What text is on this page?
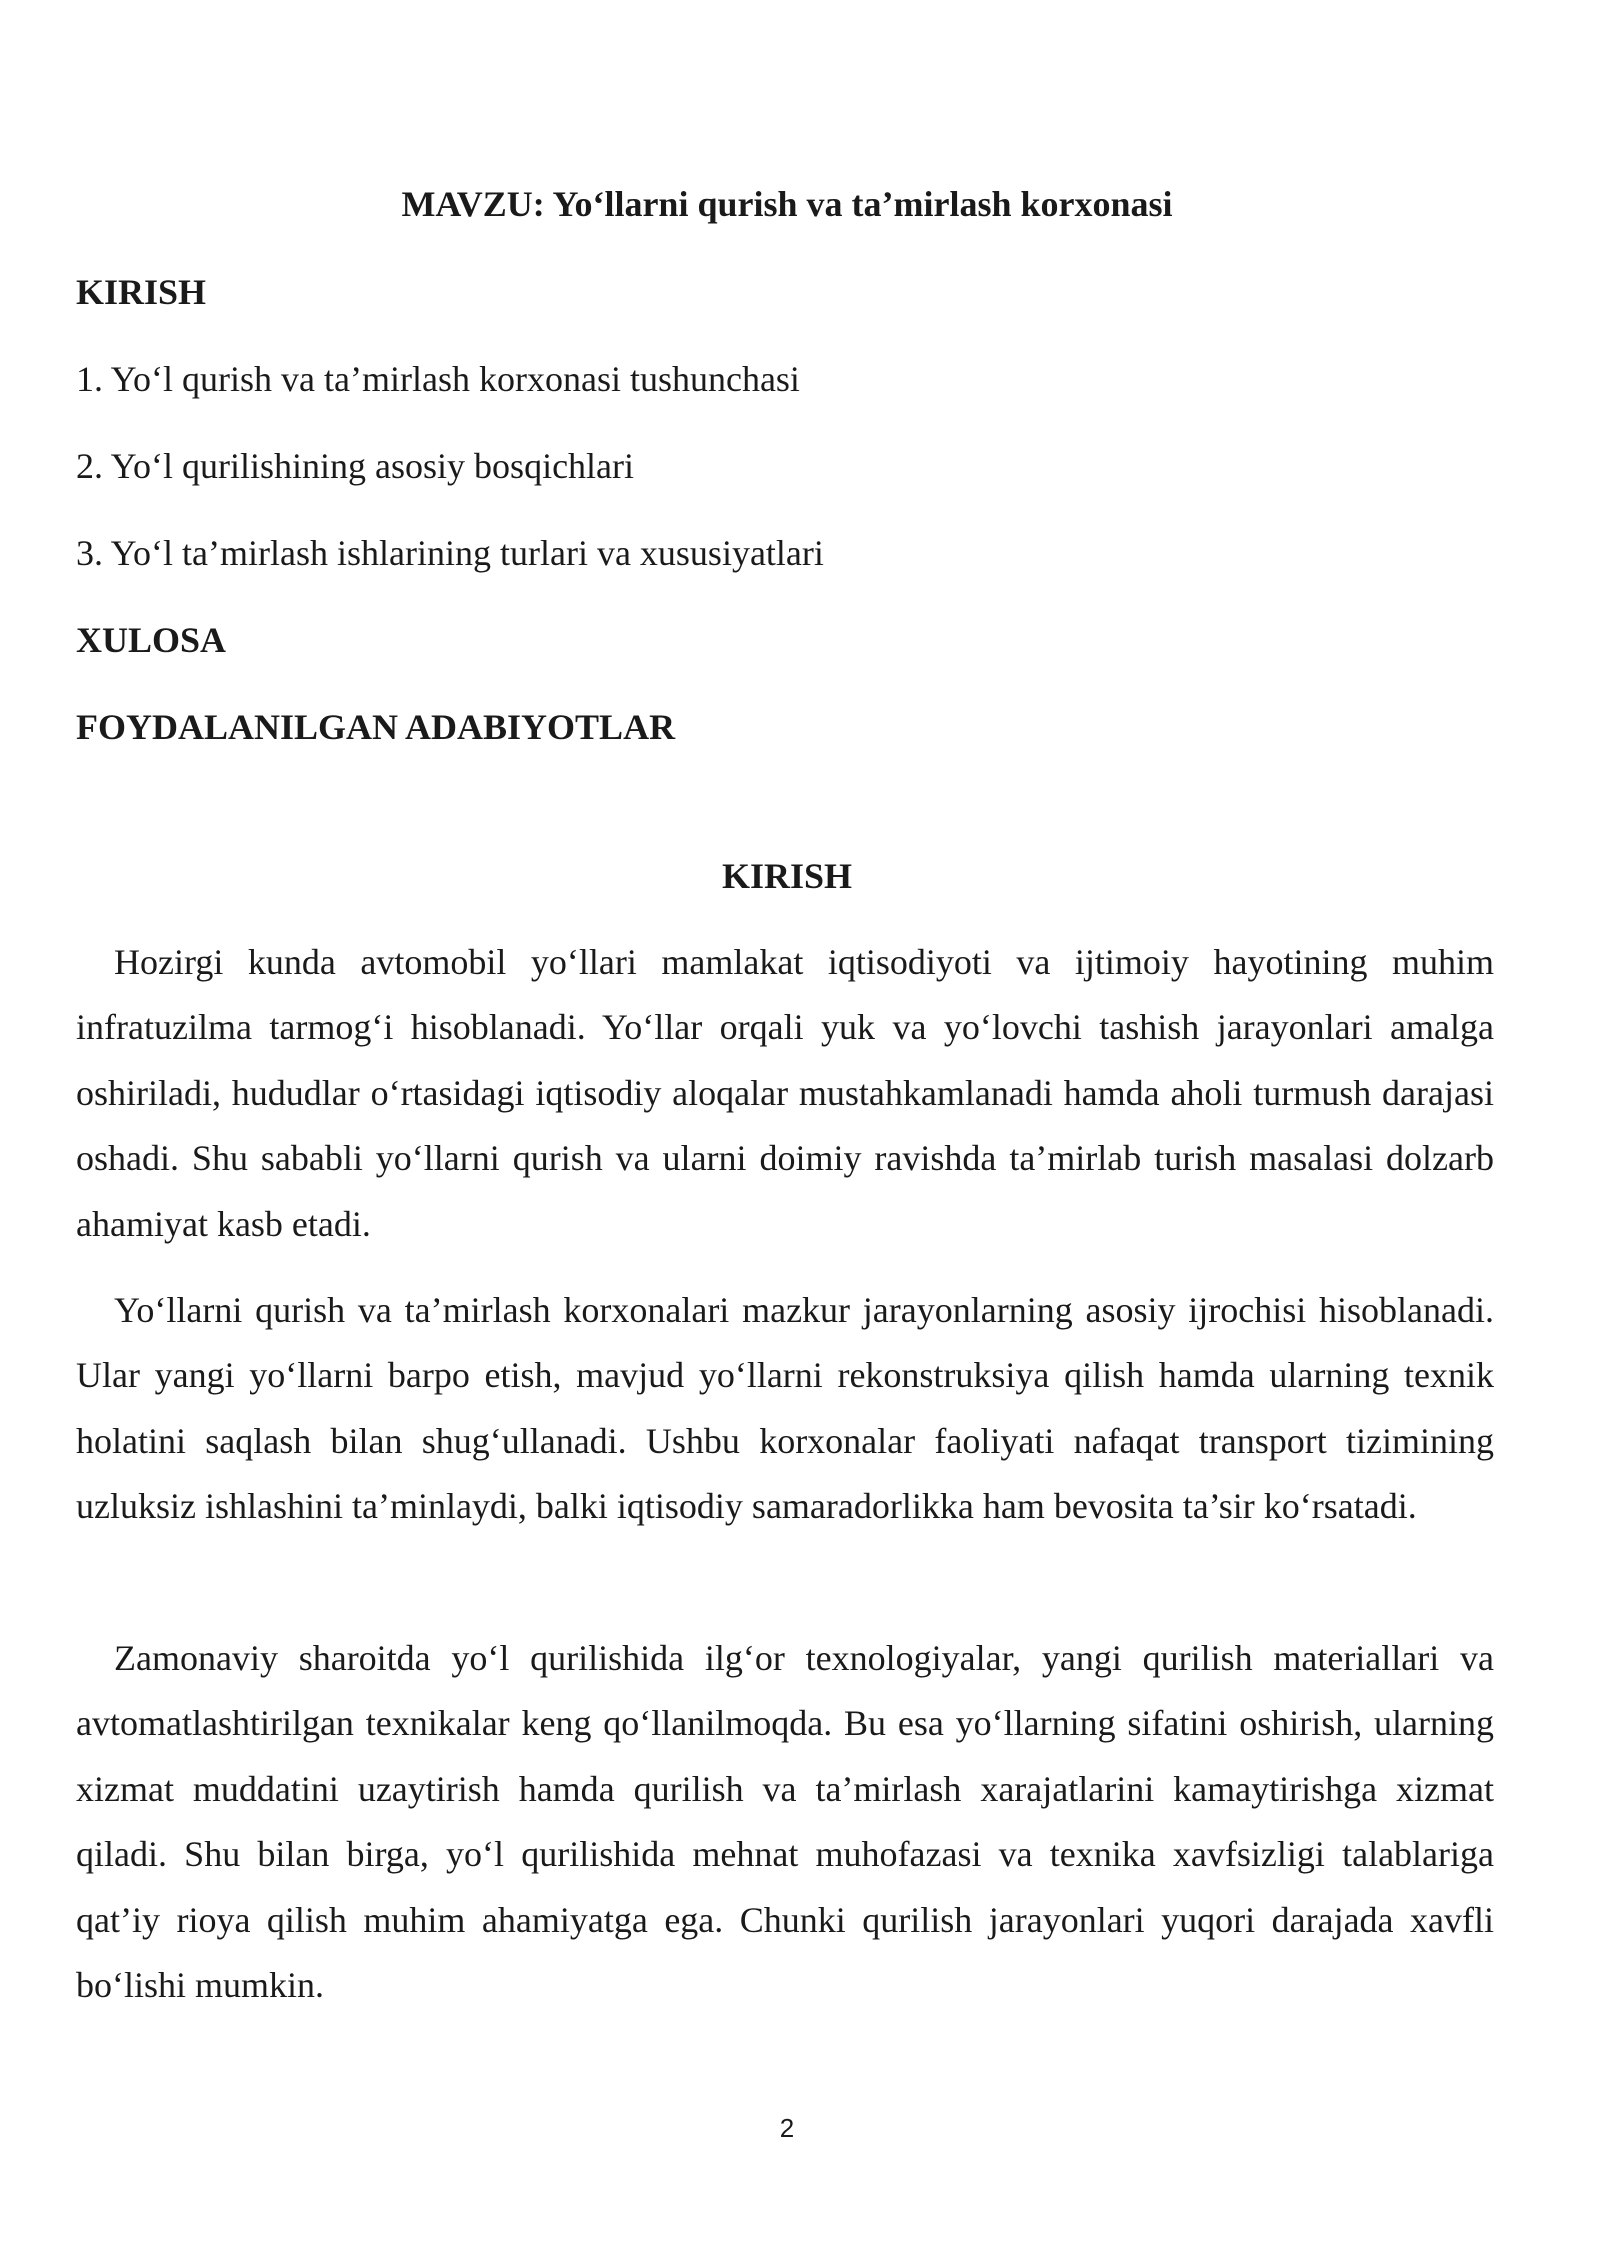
MAVZU: Yo‘llarni qurish va ta’mirlash korxonasi

KIRISH

1. Yo‘l qurish va ta’mirlash korxonasi tushunchasi

2. Yo‘l qurilishining asosiy bosqichlari

3. Yo‘l ta’mirlash ishlarining turlari va xususiyatlari

XULOSA

FOYDALANILGAN ADABIYOTLAR

KIRISH

Hozirgi kunda avtomobil yo‘llari mamlakat iqtisodiyoti va ijtimoiy hayotining muhim infratuzilma tarmog‘i hisoblanadi. Yo‘llar orqali yuk va yo‘lovchi tashish jarayonlari amalga oshiriladi, hududlar o‘rtasidagi iqtisodiy aloqalar mustahkamlanadi hamda aholi turmush darajasi oshadi. Shu sababli yo‘llarni qurish va ularni doimiy ravishda ta’mirlab turish masalasi dolzarb ahamiyat kasb etadi.

Yo‘llarni qurish va ta’mirlash korxonalari mazkur jarayonlarning asosiy ijrochisi hisoblanadi. Ular yangi yo‘llarni barpo etish, mavjud yo‘llarni rekonstruksiya qilish hamda ularning texnik holatini saqlash bilan shug‘ullanadi. Ushbu korxonalar faoliyati nafaqat transport tizimining uzluksiz ishlashini ta’minlaydi, balki iqtisodiy samaradorlikka ham bevosita ta’sir ko‘rsatadi.

Zamonaviy sharoitda yo‘l qurilishida ilg‘or texnologiyalar, yangi qurilish materiallari va avtomatlashtirilgan texnikalar keng qo‘llanilmoqda. Bu esa yo‘llarning sifatini oshirish, ularning xizmat muddatini uzaytirish hamda qurilish va ta’mirlash xarajatlarini kamaytirishga xizmat qiladi. Shu bilan birga, yo‘l qurilishida mehnat muhofazasi va texnika xavfsizligi talablariga qat’iy rioya qilish muhim ahamiyatga ega. Chunki qurilish jarayonlari yuqori darajada xavfli bo‘lishi mumkin.

2
